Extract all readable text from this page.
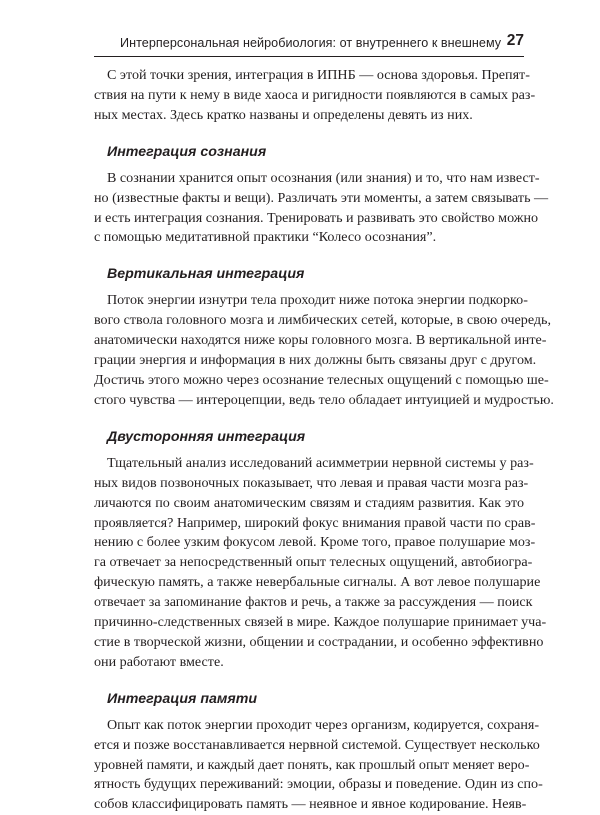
Интерперсональная нейробиология: от внутреннего к внешнему 27

С этой точки зрения, интеграция в ИПНБ — основа здоровья. Препят-
ствия на пути к нему в виде хаоса и ригидности появляются в самых раз-
ных местах. Здесь кратко названы и определены девять из них.

Интеграция сознания

В сознании хранится опыт осознания (или знания) и то, что нам извест-
но (известные факты и вещи). Различать эти моменты, а затем связывать —
и есть интеграция сознания. Тренировать и развивать это свойство можно
с помощью медитативной практики “Колесо осознания”.

Вертикальная интеграция

Поток энергии изнутри тела проходит ниже потока энергии подкорко-
вого ствола головного мозга и лимбических сетей, которые, в свою очередь,
анатомически находятся ниже коры головного мозга. В вертикальной инте-
грации энергия и информация в них должны быть связаны друг с другом.
Достичь этого можно через осознание телесных ощущений с помощью ше-
стого чувства — интероцепции, ведь тело обладает интуицией и мудростью.

Двусторонняя интеграция

Тщательный анализ исследований асимметрии нервной системы у раз-
ных видов позвоночных показывает, что левая и правая части мозга раз-
личаются по своим анатомическим связям и стадиям развития. Как это
проявляется? Например, широкий фокус внимания правой части по срав-
нению с более узким фокусом левой. Кроме того, правое полушарие моз-
га отвечает за непосредственный опыт телесных ощущений, автобиогра-
фическую память, а также невербальные сигналы. А вот левое полушарие
отвечает за запоминание фактов и речь, а также за рассуждения — поиск
причинно-следственных связей в мире. Каждое полушарие принимает уча-
стие в творческой жизни, общении и сострадании, и особенно эффективно
они работают вместе.

Интеграция памяти

Опыт как поток энергии проходит через организм, кодируется, сохраня-
ется и позже восстанавливается нервной системой. Существует несколько
уровней памяти, и каждый дает понять, как прошлый опыт меняет веро-
ятность будущих переживаний: эмоции, образы и поведение. Один из спо-
собов классифицировать память — неявное и явное кодирование. Неяв-
